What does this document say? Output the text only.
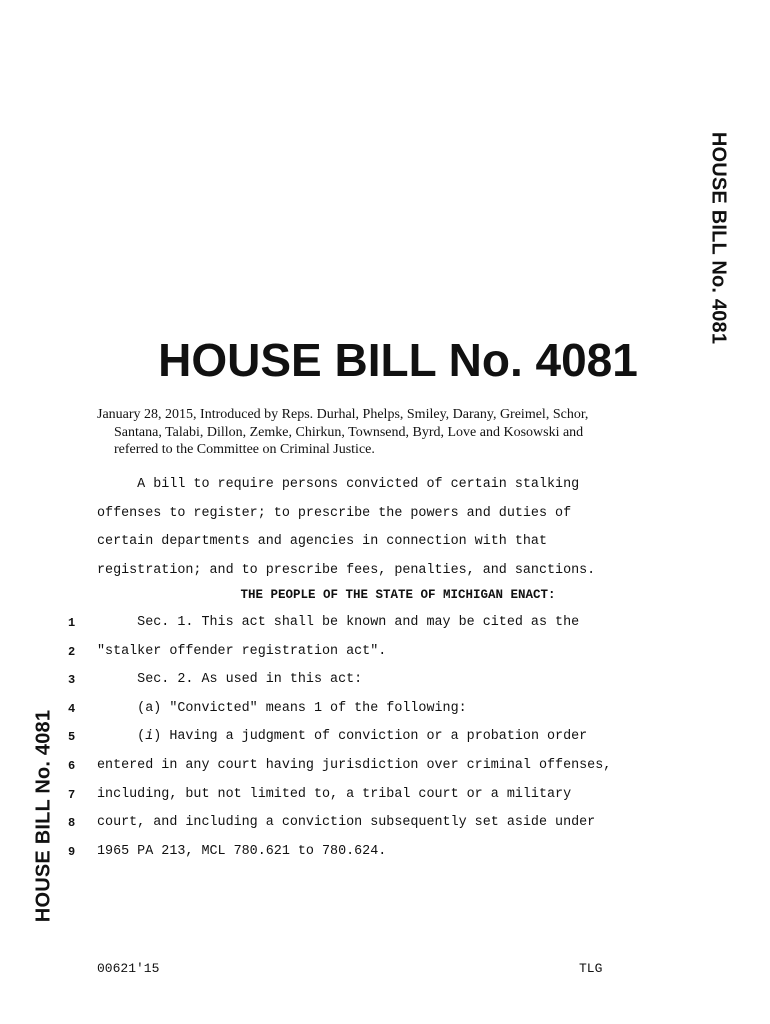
HOUSE BILL No. 4081
HOUSE BILL No. 4081
HOUSE BILL No. 4081

January 28, 2015, Introduced by Reps. Durhal, Phelps, Smiley, Darany, Greimel, Schor, Santana, Talabi, Dillon, Zemke, Chirkun, Townsend, Byrd, Love and Kosowski and referred to the Committee on Criminal Justice.

A bill to require persons convicted of certain stalking
offenses to register; to prescribe the powers and duties of
certain departments and agencies in connection with that
registration; and to prescribe fees, penalties, and sanctions.
THE PEOPLE OF THE STATE OF MICHIGAN ENACT:
1	Sec. 1. This act shall be known and may be cited as the
2	"stalker offender registration act".
3	Sec. 2. As used in this act:
4	(a) "Convicted" means 1 of the following:
5	(i) Having a judgment of conviction or a probation order
6	entered in any court having jurisdiction over criminal offenses,
7	including, but not limited to, a tribal court or a military
8	court, and including a conviction subsequently set aside under
9	1965 PA 213, MCL 780.621 to 780.624.
00621'15	TLG
